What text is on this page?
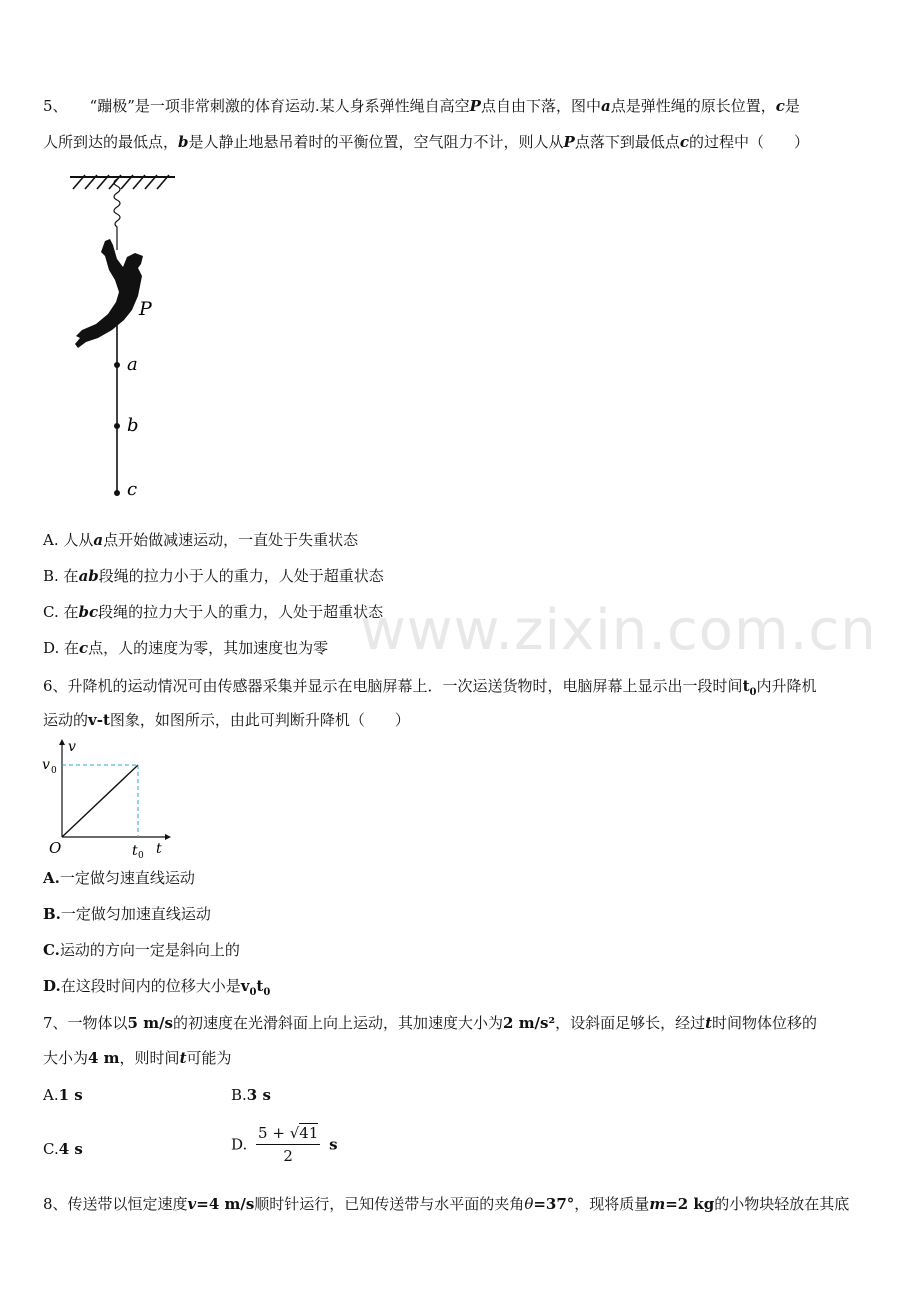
www.zixin.com.cn
5、 “蹦极”是一项非常刺激的体育运动.某人身系弹性绳自高空P点自由下落，图中a点是弹性绳的原长位置，c是
人所到达的最低点，b是人静止地悬吊着时的平衡位置，空气阻力不计，则人从P点落下到最低点c的过程中（　　）
P
a
b
c
A. 人从a点开始做减速运动，一直处于失重状态
B. 在ab段绳的拉力小于人的重力，人处于超重状态
C. 在bc段绳的拉力大于人的重力，人处于超重状态
D. 在c点，人的速度为零，其加速度也为零
6、升降机的运动情况可由传感器采集并显示在电脑屏幕上．一次运送货物时，电脑屏幕上显示出一段时间$t_0$内升降机
运动的v-t图象，如图所示，由此可判断升降机（　　）
v
v 0
O	t 0 t
A.一定做匀速直线运动
B.一定做匀加速直线运动
C.运动的方向一定是斜向上的
D.在这段时间内的位移大小是$v_0t_0$
7、一物体以5 m/s的初速度在光滑斜面上向上运动，其加速度大小为2 m/s²，设斜面足够长，经过t时间物体位移的
大小为4 m，则时间t可能为
A.1 s	B.3 s
C.4 s	D. $\frac{5 + √41}{2}$ s
8、传送带以恒定速度v=4 m/s顺时针运行，已知传送带与水平面的夹角θ=37°，现将质量m=2 kg的小物块轻放在其底
